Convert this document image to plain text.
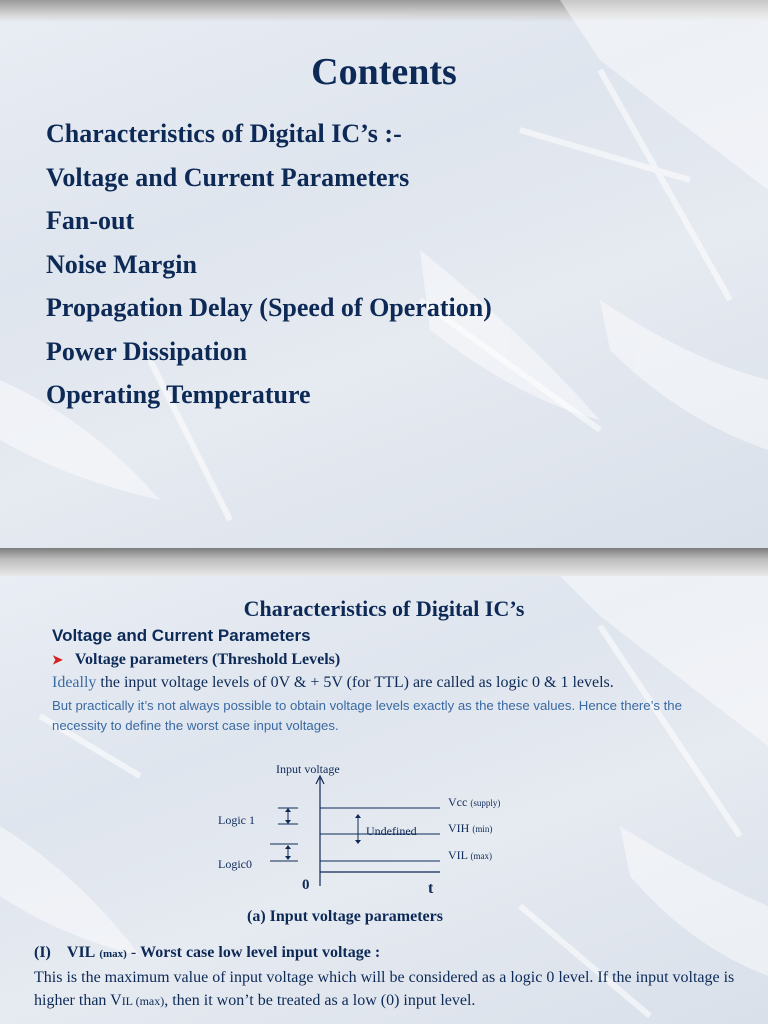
Contents
Characteristics of Digital IC’s :-
Voltage and Current Parameters
Fan-out
Noise Margin
Propagation Delay (Speed of Operation)
Power Dissipation
Operating Temperature
Characteristics of Digital IC’s
Voltage and Current Parameters
➤ Voltage parameters (Threshold Levels)
Ideally the input voltage levels of 0V & + 5V (for TTL) are called as logic 0 & 1 levels.
But practically it’s not always possible to obtain voltage levels exactly as the these values. Hence there’s the necessity to define the worst case input voltages.
Input voltage
Undefined
Logic 1
Logic0
Vcc (supply)
VIH (min)
VIL (max)
0	t
(a) Input voltage parameters
(I) VIL (max) - Worst case low level input voltage :
This is the maximum value of input voltage which will be considered as a logic 0 level. If the input voltage is higher than VIL (max), then it won’t be treated as a low (0) input level.
